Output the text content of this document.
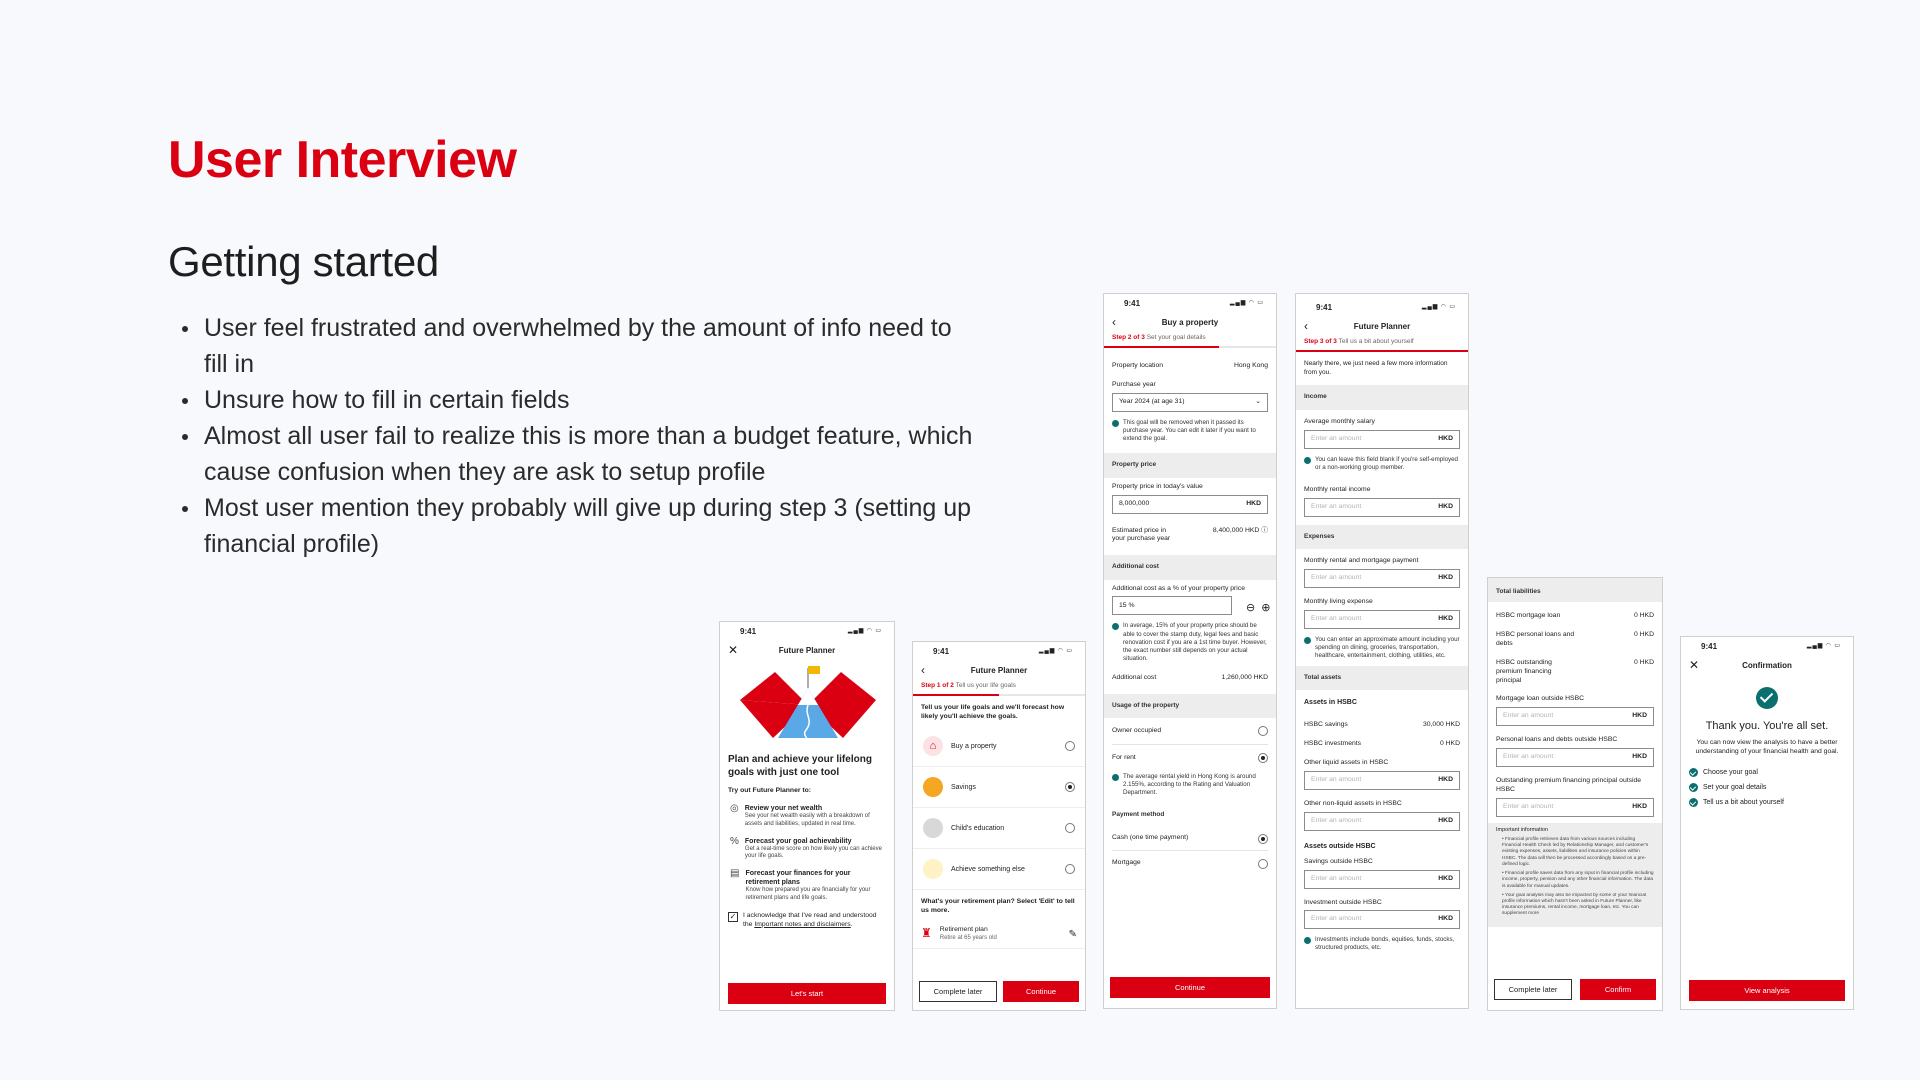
User Interview
Getting started
User feel frustrated and overwhelmed by the amount of info need to fill in
Unsure how to fill in certain fields
Almost all user fail to realize this is more than a budget feature, which cause confusion when they are ask to setup profile
Most user mention they probably will give up during step 3 (setting up financial profile)
9:41	▂▄▆ ◠ ▭
✕	Future Planner
Plan and achieve your lifelong goals with just one tool
Try out Future Planner to:
◎ Review your net wealth
See your net wealth easily with a breakdown of assets and liabilities, updated in real time.
% Forecast your goal achievability
Get a real-time score on how likely you can achieve your life goals.
▤ Forecast your finances for your retirement plans
Know how prepared you are financially for your retirement plans and life goals.
✓ I acknowledge that I've read and understood the Important notes and disclaimers.
Let's start
9:41	▂▄▆ ◠ ▭
‹	Future Planner
Step 1 of 2 Tell us your life goals
Tell us your life goals and we'll forecast how likely you'll achieve the goals.
⌂	Buy a property
Savings
Child's education
Achieve something else
What's your retirement plan? Select 'Edit' to tell us more.
♜ Retirement plan
Retire at 65 years old	✎
Complete later	Continue
9:41	▂▄▆ ◠ ▭
‹	Buy a property
Step 2 of 3 Set your goal details
Property location	Hong Kong
Purchase year
Year 2024 (at age 31)	⌄
This goal will be removed when it passed its purchase year. You can edit it later if you want to extend the goal.
Property price
Property price in today's value
8,000,000	HKD
Estimated price in your purchase year
8,400,000 HKD ⓘ
Additional cost
Additional cost as a % of your property price
15 %	⊖ ⊕
In average, 15% of your property price should be able to cover the stamp duty, legal fees and basic renovation cost if you are a 1st time buyer. However, the exact number still depends on your actual situation.
Additional cost	1,260,000 HKD
Usage of the property
Owner occupied
For rent
The average rental yield in Hong Kong is around 2.155%, according to the Rating and Valuation Department.
Payment method
Cash (one time payment)
Mortgage
Continue
9:41	▂▄▆ ◠ ▭
‹	Future Planner
Step 3 of 3 Tell us a bit about yourself
Nearly there, we just need a few more information from you.
Income
Average monthly salary
Enter an amount	HKD
You can leave this field blank if you're self-employed or a non-working group member.
Monthly rental income
Enter an amount	HKD
Expenses
Monthly rental and mortgage payment
Enter an amount	HKD
Monthly living expense
Enter an amount	HKD
You can enter an approximate amount including your spending on dining, groceries, transportation, healthcare, entertainment, clothing, utilities, etc.
Total assets
Assets in HSBC
HSBC savings	30,000 HKD
HSBC investments	0 HKD
Other liquid assets in HSBC
Enter an amount	HKD
Other non-liquid assets in HSBC
Enter an amount	HKD
Assets outside HSBC
Savings outside HSBC
Enter an amount	HKD
Investment outside HSBC
Enter an amount	HKD
Investments include bonds, equities, funds, stocks, structured products, etc.
Total liabilities
HSBC mortgage loan	0 HKD
HSBC personal loans and debts
0 HKD
HSBC outstanding premium financing principal
0 HKD
Mortgage loan outside HSBC
Enter an amount	HKD
Personal loans and debts outside HSBC
Enter an amount	HKD
Outstanding premium financing principal outside HSBC
Enter an amount	HKD
Important information
• Financial profile retrieves data from various sources including Financial Health Check led by Relationship Manager, and customer's existing expenses, assets, liabilities and insurance policies within HSBC. The data will then be processed accordingly based on a pre-defined logic.
• Financial profile saves data from any input in financial profile including income, property, pension and any other financial information. The data is available for manual updates.
• Your goal analysis may also be impacted by some of your financial profile information which hasn't been asked in Future Planner, like insurance premiums, rental income, mortgage loan, etc. You can supplement more
Complete later	Confirm
9:41	▂▄▆ ◠ ▭
✕	Confirmation
Thank you. You're all set.
You can now view the analysis to have a better understanding of your financial health and goal.
Choose your goal
Set your goal details
Tell us a bit about yourself
View analysis
